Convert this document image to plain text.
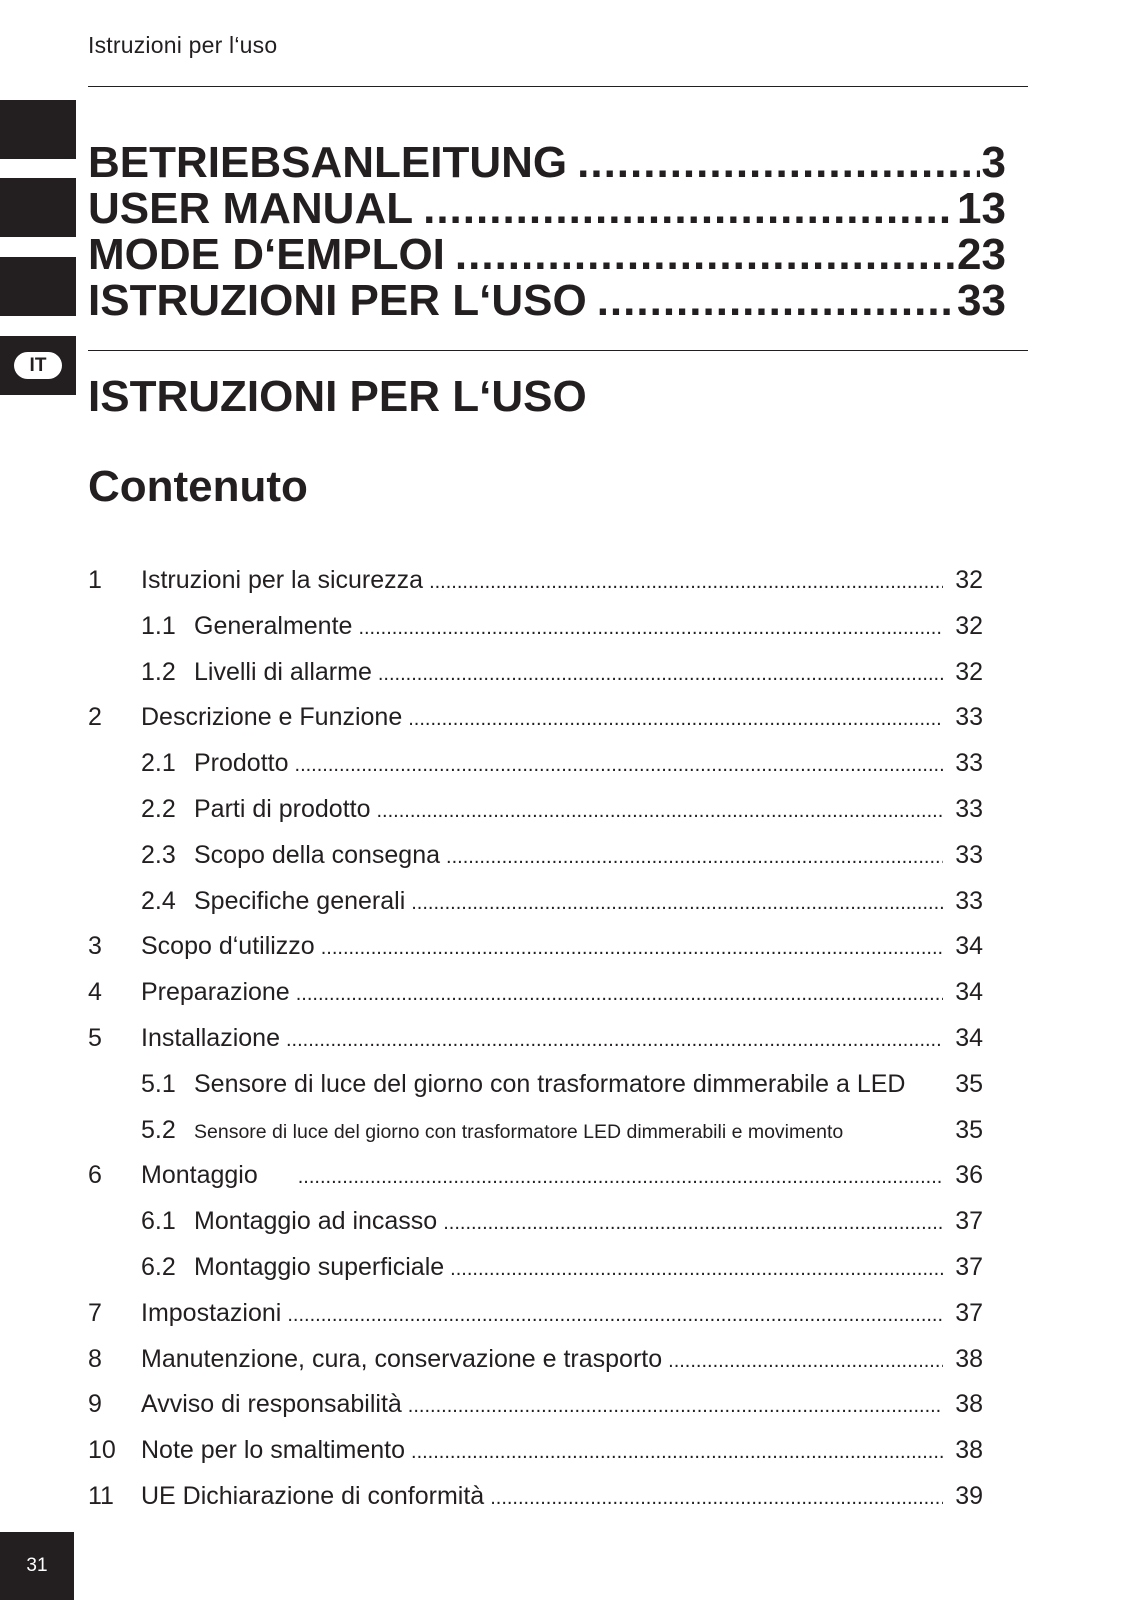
Istruzioni per l‘uso
IT
BETRIEBSANLEITUNG .....	3
USER MANUAL .....	13
MODE D‘EMPLOI .....	23
ISTRUZIONI PER L‘USO .....	33
ISTRUZIONI PER L‘USO
Contenuto
1	Istruzioni per la sicurezza .....	32
1.1 Generalmente .....	32
1.2 Livelli di allarme .....	32
2	Descrizione e Funzione .....	33
2.1 Prodotto .....	33
2.2 Parti di prodotto .....	33
2.3 Scopo della consegna .....	33
2.4 Specifiche generali .....	33
3	Scopo d‘utilizzo .....	34
4	Preparazione .....	34
5	Installazione .....	34
5.1 Sensore di luce del giorno con trasformatore dimmerabile a LED	35
5.2 Sensore di luce del giorno con trasformatore LED dimmerabili e movimento	35
6	Montaggio .....	36
6.1 Montaggio ad incasso .....	37
6.2 Montaggio superficiale .....	37
7	Impostazioni .....	37
8	Manutenzione, cura, conservazione e trasporto .....	38
9	Avviso di responsabilità .....	38
10	Note per lo smaltimento .....	38
11	UE Dichiarazione di conformità .....	39
31
